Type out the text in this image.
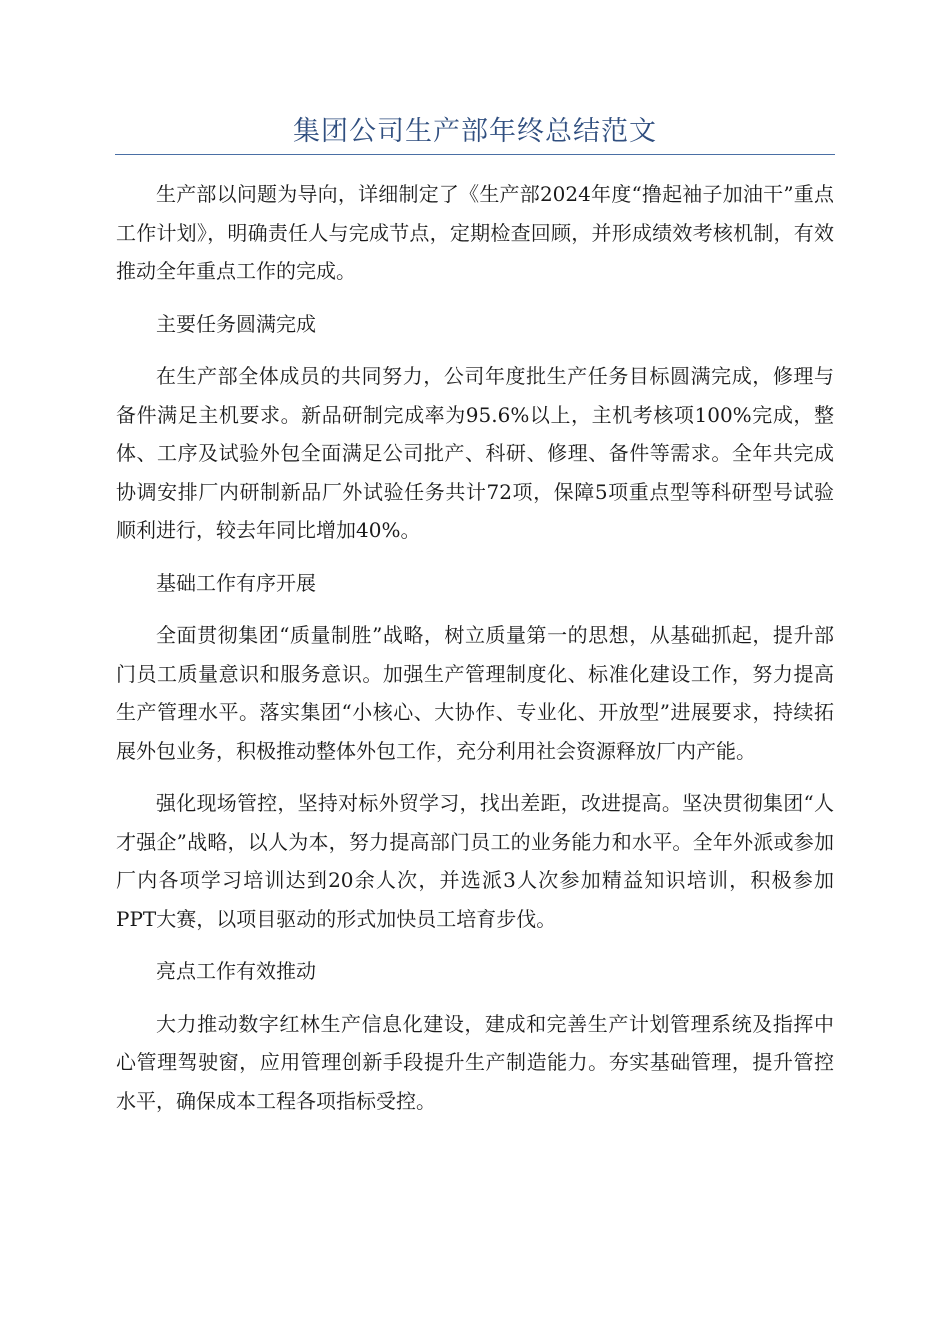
集团公司生产部年终总结范文

生产部以问题为导向，详细制定了《生产部2024年度“撸起袖子加油干”重点工作计划》，明确责任人与完成节点，定期检查回顾，并形成绩效考核机制，有效推动全年重点工作的完成。

主要任务圆满完成

在生产部全体成员的共同努力，公司年度批生产任务目标圆满完成，修理与备件满足主机要求。新品研制完成率为95.6%以上，主机考核项100%完成，整体、工序及试验外包全面满足公司批产、科研、修理、备件等需求。全年共完成协调安排厂内研制新品厂外试验任务共计72项，保障5项重点型等科研型号试验顺利进行，较去年同比增加40%。

基础工作有序开展

全面贯彻集团“质量制胜”战略，树立质量第一的思想，从基础抓起，提升部门员工质量意识和服务意识。加强生产管理制度化、标准化建设工作，努力提高生产管理水平。落实集团“小核心、大协作、专业化、开放型”进展要求，持续拓展外包业务，积极推动整体外包工作，充分利用社会资源释放厂内产能。

强化现场管控，坚持对标外贸学习，找出差距，改进提高。坚决贯彻集团“人才强企”战略，以人为本，努力提高部门员工的业务能力和水平。全年外派或参加厂内各项学习培训达到20余人次，并选派3人次参加精益知识培训，积极参加PPT大赛，以项目驱动的形式加快员工培育步伐。

亮点工作有效推动

大力推动数字红林生产信息化建设，建成和完善生产计划管理系统及指挥中心管理驾驶窗，应用管理创新手段提升生产制造能力。夯实基础管理，提升管控水平，确保成本工程各项指标受控。
